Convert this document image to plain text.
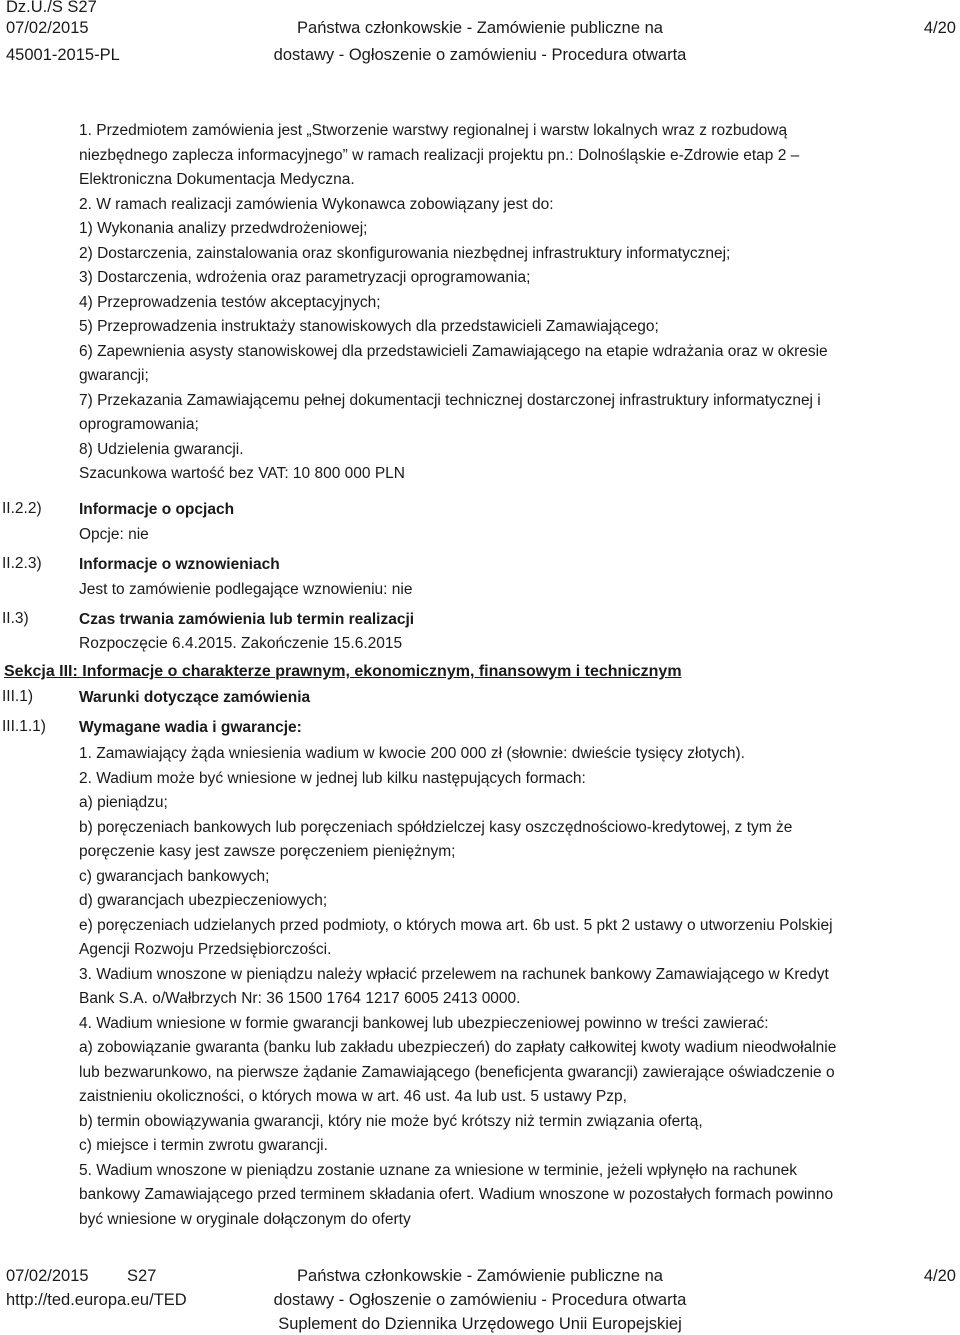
Dz.U./S S27
07/02/2015
45001-2015-PL
Państwa członkowskie - Zamówienie publiczne na
dostawy - Ogłoszenie o zamówieniu - Procedura otwarta
4/20

1. Przedmiotem zamówienia jest „Stworzenie warstwy regionalnej i warstw lokalnych wraz z rozbudową

niezbędnego zaplecza informacyjnego” w ramach realizacji projektu pn.: Dolnośląskie e-Zdrowie etap 2 –

Elektroniczna Dokumentacja Medyczna.

2. W ramach realizacji zamówienia Wykonawca zobowiązany jest do:

1) Wykonania analizy przedwdrożeniowej;

2) Dostarczenia, zainstalowania oraz skonfigurowania niezbędnej infrastruktury informatycznej;

3) Dostarczenia, wdrożenia oraz parametryzacji oprogramowania;

4) Przeprowadzenia testów akceptacyjnych;

5) Przeprowadzenia instruktaży stanowiskowych dla przedstawicieli Zamawiającego;

6) Zapewnienia asysty stanowiskowej dla przedstawicieli Zamawiającego na etapie wdrażania oraz w okresie

gwarancji;

7) Przekazania Zamawiającemu pełnej dokumentacji technicznej dostarczonej infrastruktury informatycznej i

oprogramowania;

8) Udzielenia gwarancji.

Szacunkowa wartość bez VAT: 10 800 000 PLN

II.2.2) Informacje o opcjach
Opcje: nie
II.2.3) Informacje o wznowieniach
Jest to zamówienie podlegające wznowieniu: nie
II.3)	Czas trwania zamówienia lub termin realizacji
Rozpoczęcie 6.4.2015. Zakończenie 15.6.2015
Sekcja III: Informacje o charakterze prawnym, ekonomicznym, finansowym i technicznym
III.1)	Warunki dotyczące zamówienia
III.1.1) Wymagane wadia i gwarancje:

1. Zamawiający żąda wniesienia wadium w kwocie 200 000 zł (słownie: dwieście tysięcy złotych).

2. Wadium może być wniesione w jednej lub kilku następujących formach:

a) pieniądzu;

b) poręczeniach bankowych lub poręczeniach spółdzielczej kasy oszczędnościowo-kredytowej, z tym że

poręczenie kasy jest zawsze poręczeniem pieniężnym;

c) gwarancjach bankowych;

d) gwarancjach ubezpieczeniowych;

e) poręczeniach udzielanych przed podmioty, o których mowa art. 6b ust. 5 pkt 2 ustawy o utworzeniu Polskiej

Agencji Rozwoju Przedsiębiorczości.

3. Wadium wnoszone w pieniądzu należy wpłacić przelewem na rachunek bankowy Zamawiającego w Kredyt

Bank S.A. o/Wałbrzych Nr: 36 1500 1764 1217 6005 2413 0000.

4. Wadium wniesione w formie gwarancji bankowej lub ubezpieczeniowej powinno w treści zawierać:

a) zobowiązanie gwaranta (banku lub zakładu ubezpieczeń) do zapłaty całkowitej kwoty wadium nieodwołalnie

lub bezwarunkowo, na pierwsze żądanie Zamawiającego (beneficjenta gwarancji) zawierające oświadczenie o

zaistnieniu okoliczności, o których mowa w art. 46 ust. 4a lub ust. 5 ustawy Pzp,

b) termin obowiązywania gwarancji, który nie może być krótszy niż termin związania ofertą,

c) miejsce i termin zwrotu gwarancji.

5. Wadium wnoszone w pieniądzu zostanie uznane za wniesione w terminie, jeżeli wpłynęło na rachunek

bankowy Zamawiającego przed terminem składania ofert. Wadium wnoszone w pozostałych formach powinno

być wniesione w oryginale dołączonym do oferty

07/02/2015 S27
http://ted.europa.eu/TED
Państwa członkowskie - Zamówienie publiczne na
dostawy - Ogłoszenie o zamówieniu - Procedura otwarta
Suplement do Dziennika Urzędowego Unii Europejskiej
4/20
